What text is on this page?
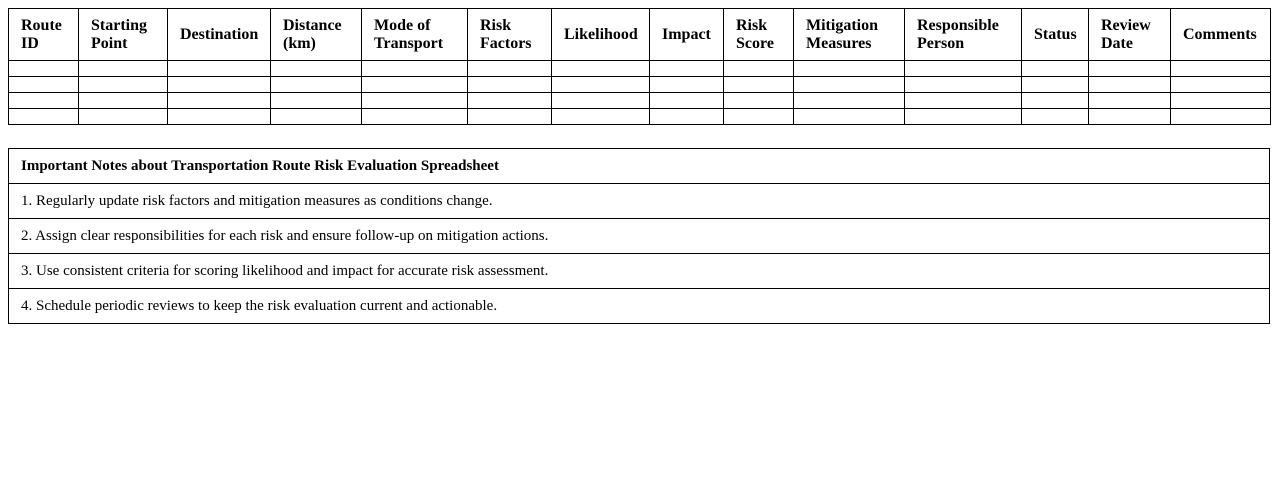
Route ID	Starting Point	Destination	Distance (km)	Mode of Transport	Risk Factors	Likelihood	Impact	Risk Score	Mitigation Measures	Responsible Person	Status	Review Date	Comments

Important Notes about Transportation Route Risk Evaluation Spreadsheet
1. Regularly update risk factors and mitigation measures as conditions change.
2. Assign clear responsibilities for each risk and ensure follow-up on mitigation actions.
3. Use consistent criteria for scoring likelihood and impact for accurate risk assessment.
4. Schedule periodic reviews to keep the risk evaluation current and actionable.
